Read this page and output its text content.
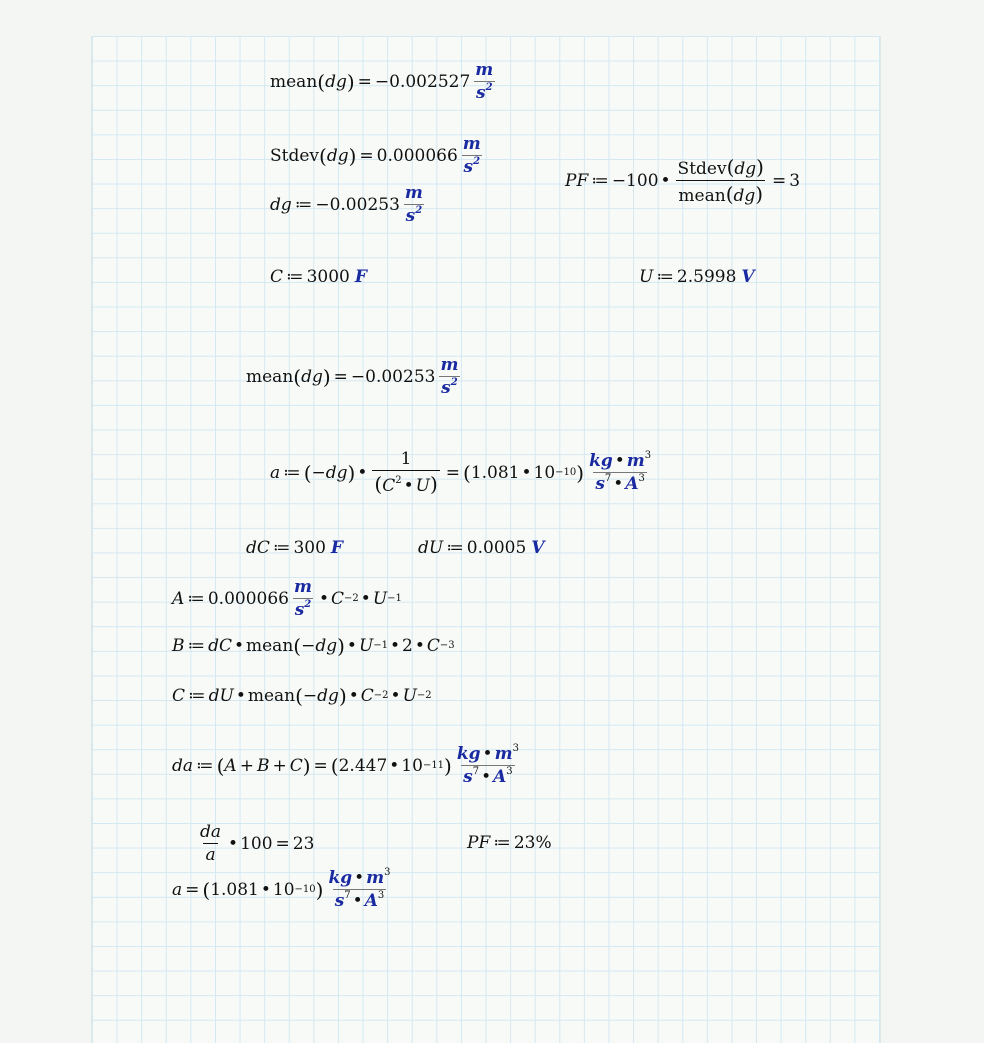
mean ( dg ) = $-0.002527 \frac{m}{s^2}$
Stdev ( dg ) = $0.000066 \frac{m}{s^2}$
dg ≔ $-0.00253 \frac{m}{s^2}$
PF ≔ −100 • $\frac{\text{Stdev(dg)}}{\text{mean(dg)}} = 3$
C ≔ 3000 F	U ≔ 2.5998 V
mean ( dg ) = $-0.00253 \frac{m}{s^2}$
a ≔ ( − dg ) • $\frac{1}{(C^2 • U)}$ = ( 1.081 • 10 −10 ) $\frac{kg • m^3}{s^7 • A^3}$
dC ≔ 300 F	dU ≔ 0.0005 V
A ≔ $0.000066 \frac{m}{s^2}$ • C −2 • U −1
B ≔ dC • mean ( − dg ) • U −1 • 2 • C −3
C ≔ dU • mean ( − dg ) • C −2 • U −2
da ≔ ( A + B + C ) = ( 2.447 • 10 −11 ) $\frac{kg • m^3}{s^7 • A^3}$
$\frac{da}{a}$ • 100 = 23	PF ≔ 23%
a = ( 1.081 • 10 −10 ) $\frac{kg • m^3}{s^7 • A^3}$
